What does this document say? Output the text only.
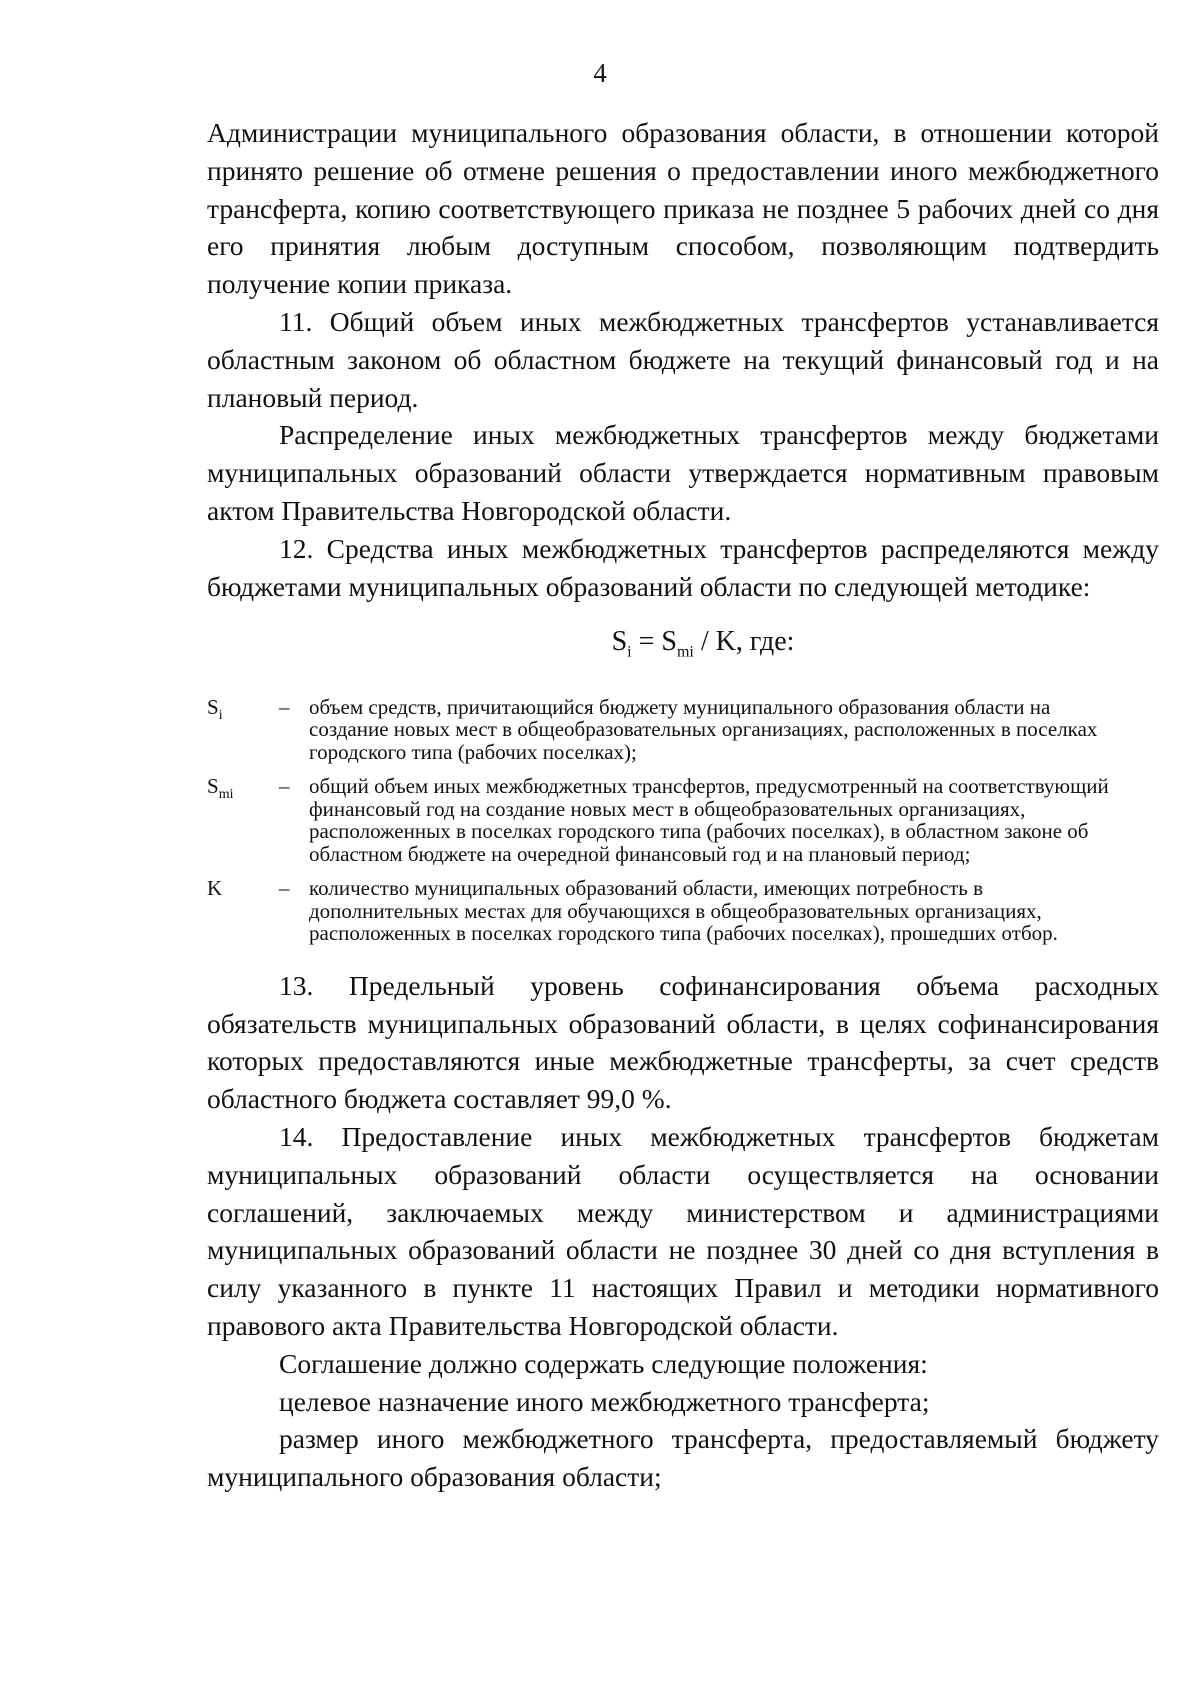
4

Администрации муниципального образования области, в отношении которой принято решение об отмене решения о предоставлении иного межбюджетного трансферта, копию соответствующего приказа не позднее 5 рабочих дней со дня его принятия любым доступным способом, позволяющим подтвердить получение копии приказа.

11. Общий объем иных межбюджетных трансфертов устанавливается областным законом об областном бюджете на текущий финансовый год и на плановый период.

Распределение иных межбюджетных трансфертов между бюджетами муниципальных образований области утверждается нормативным правовым актом Правительства Новгородской области.

12. Средства иных межбюджетных трансфертов распределяются между бюджетами муниципальных образований области по следующей методике:

$S_i = S_{mi} / K$, где:
$S_i$	– объем средств, причитающийся бюджету муниципального образования области на создание новых мест в общеобразовательных организациях, расположенных в поселках городского типа (рабочих поселках);
$S_{mi}$	– общий объем иных межбюджетных трансфертов, предусмотренный на соответствующий финансовый год на создание новых мест в общеобразовательных организациях, расположенных в поселках городского типа (рабочих поселках), в областном законе об областном бюджете на очередной финансовый год и на плановый период;
K	– количество муниципальных образований области, имеющих потребность в дополнительных местах для обучающихся в общеобразовательных организациях, расположенных в поселках городского типа (рабочих поселках), прошедших отбор.

13. Предельный уровень софинансирования объема расходных обязательств муниципальных образований области, в целях софинансирования которых предоставляются иные межбюджетные трансферты, за счет средств областного бюджета составляет 99,0 %.

14. Предоставление иных межбюджетных трансфертов бюджетам муниципальных образований области осуществляется на основании соглашений, заключаемых между министерством и администрациями муниципальных образований области не позднее 30 дней со дня вступления в силу указанного в пункте 11 настоящих Правил и методики нормативного правового акта Правительства Новгородской области.

Соглашение должно содержать следующие положения:

целевое назначение иного межбюджетного трансферта;

размер иного межбюджетного трансферта, предоставляемый бюджету муниципального образования области;
